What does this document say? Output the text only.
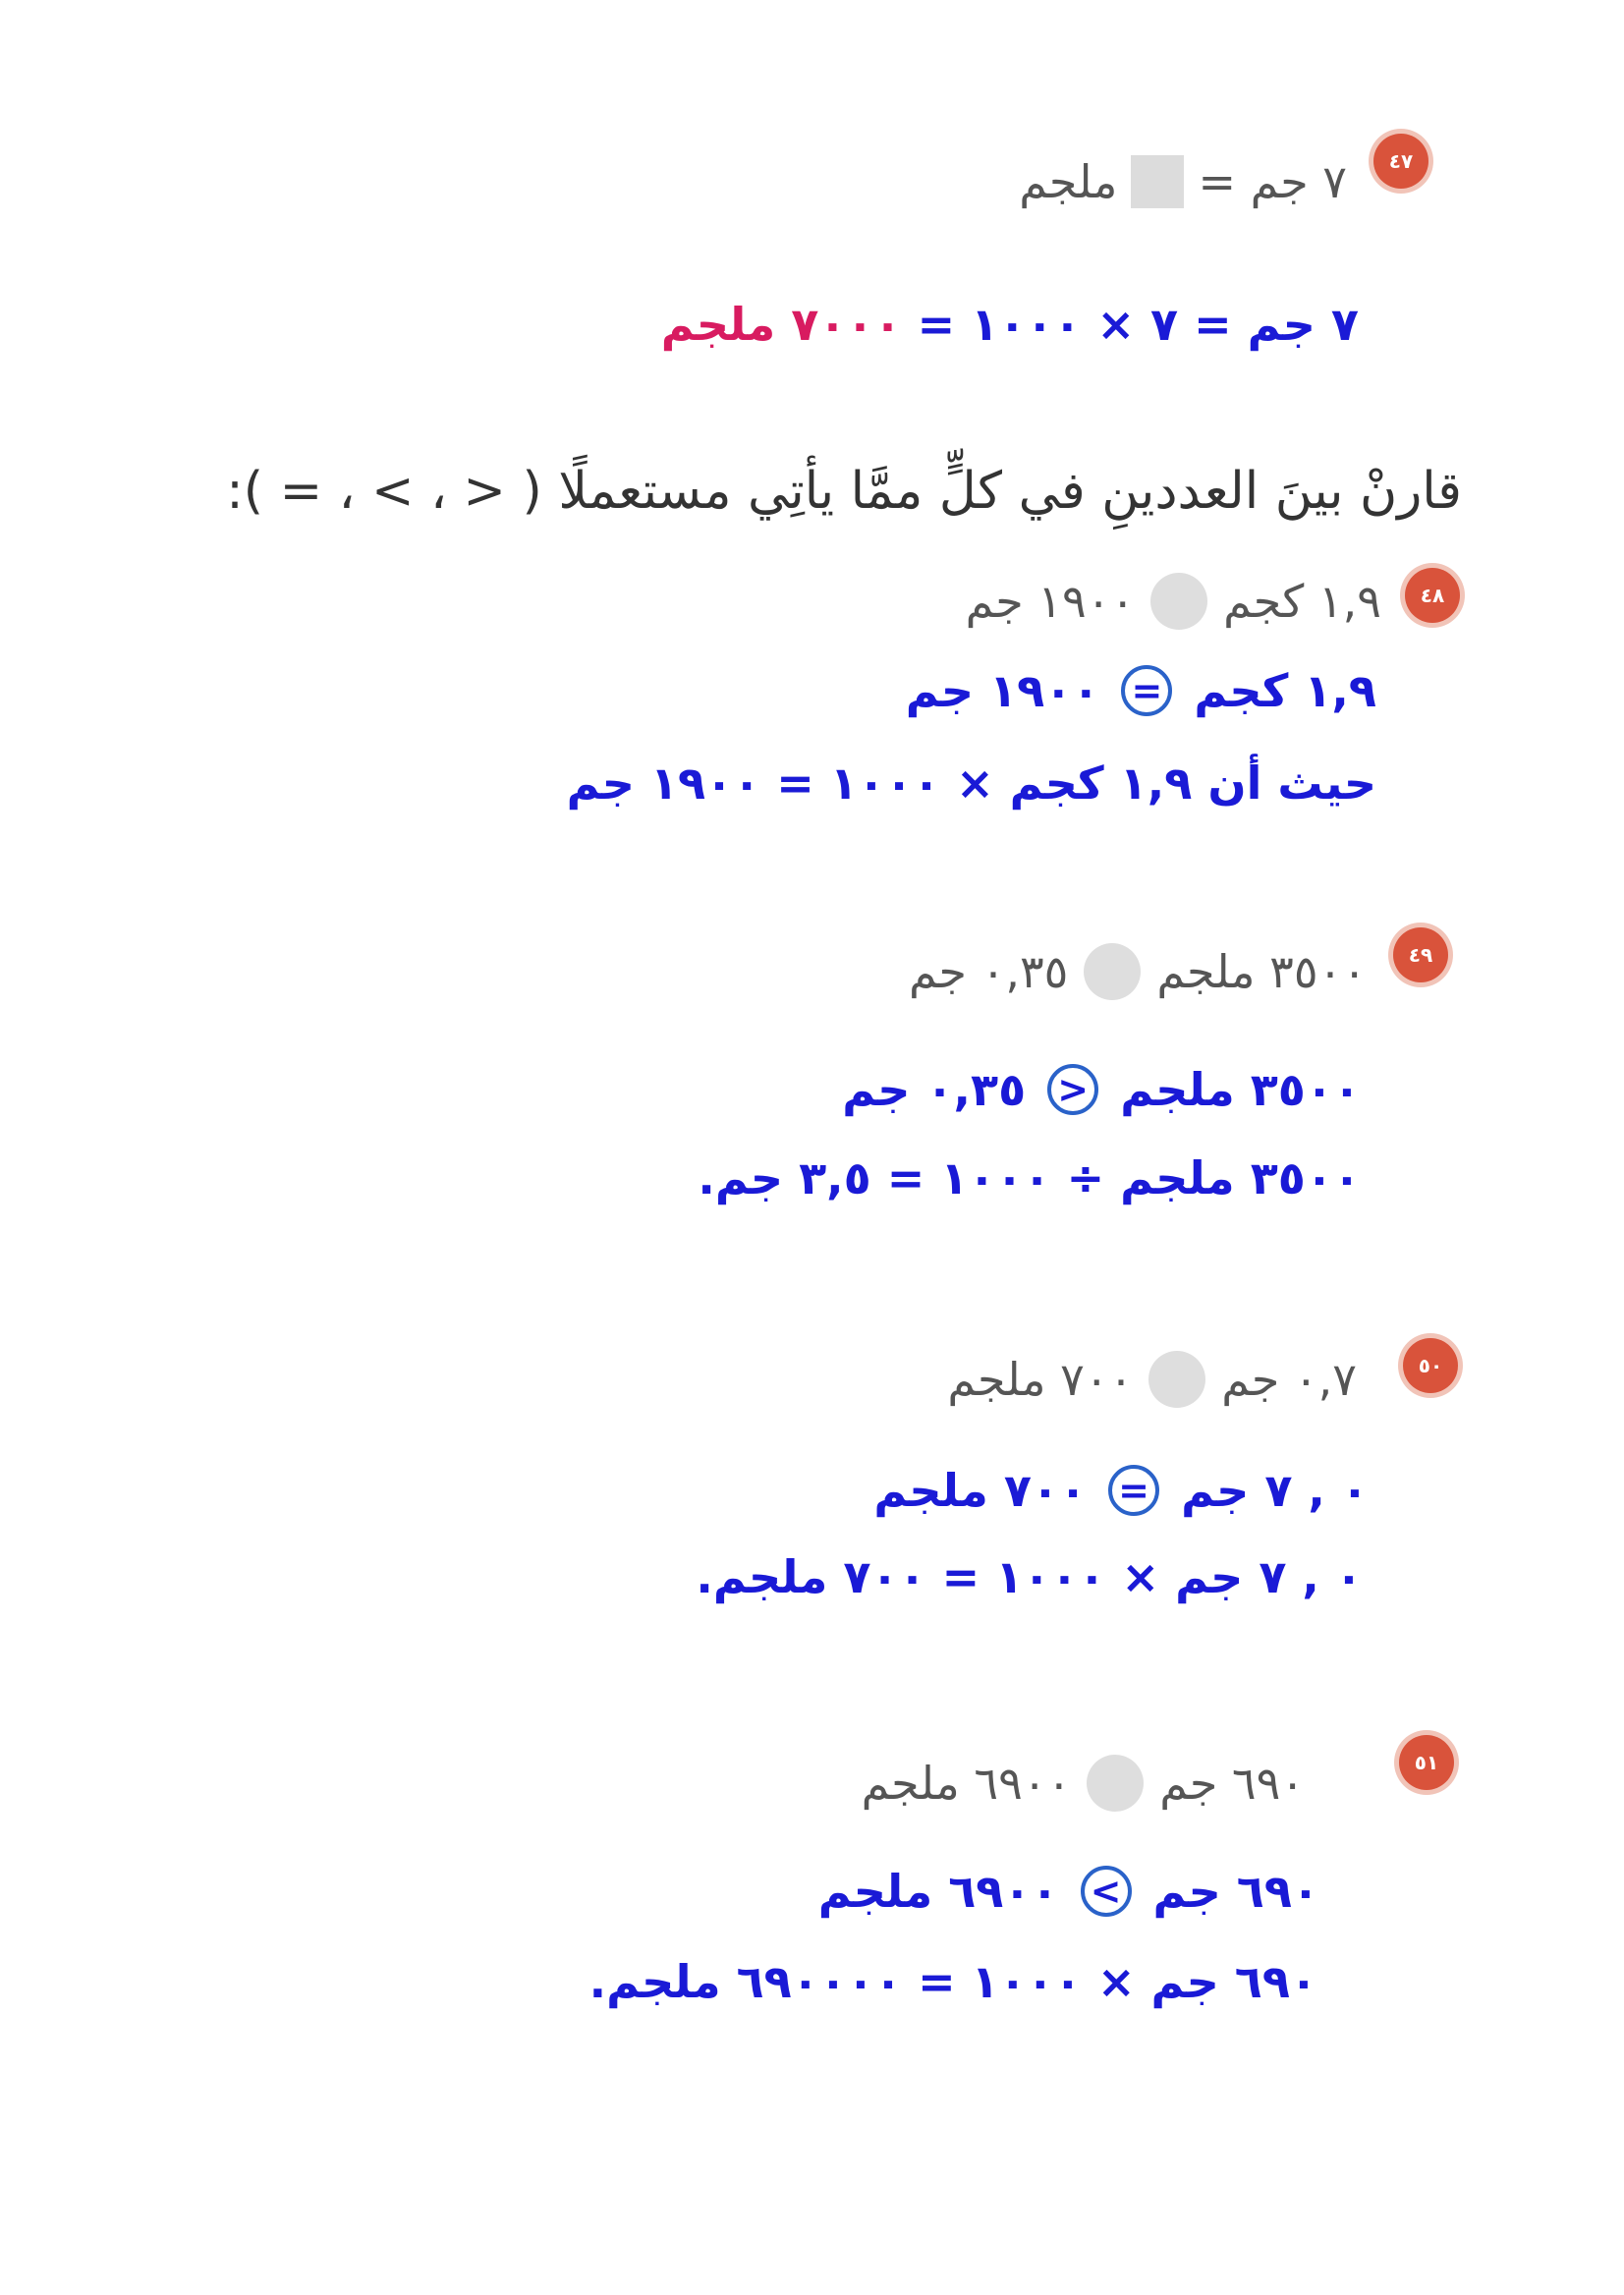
٤٧
٧ جم =
ملجم
٧ جم = ٧ × ١٠٠٠ =
٧٠٠٠ ملجم
قارنْ بينَ العددينِ في كلٍّ ممَّا يأتِي مستعملًا ( < ، > ، = ):
٤٨
١,٩ كجم
١٩٠٠ جم
١,٩ كجم
=
١٩٠٠ جم
حيث أن ١,٩ كجم × ١٠٠٠ = ١٩٠٠ جم
٤٩
٣٥٠٠ ملجم
٠,٣٥ جم
٣٥٠٠ ملجم
>
٠,٣٥ جم
٣٥٠٠ ملجم ÷ ١٠٠٠ = ٣,٥ جم.
٥٠
٠,٧ جم
٧٠٠ ملجم
٠ , ٧ جم
=
٧٠٠ ملجم
٠ , ٧ جم × ١٠٠٠ = ٧٠٠ ملجم.
٥١
٦٩٠ جم
٦٩٠٠ ملجم
٦٩٠ جم
<
٦٩٠٠ ملجم
٦٩٠ جم × ١٠٠٠ = ٦٩٠٠٠٠ ملجم.
